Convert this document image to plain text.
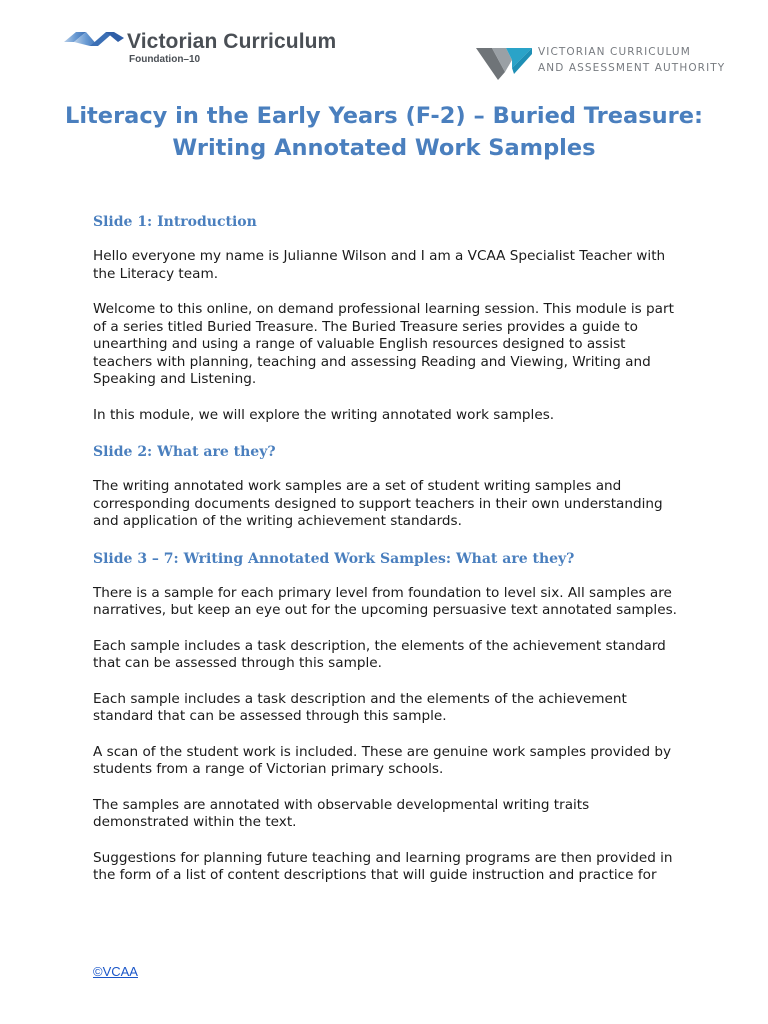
Victorian Curriculum
Foundation–10
VICTORIAN CURRICULUM
AND ASSESSMENT AUTHORITY
Literacy in the Early Years (F-2) – Buried Treasure: Writing Annotated Work Samples
Slide 1: Introduction

Hello everyone my name is Julianne Wilson and I am a VCAA Specialist Teacher with the Literacy team.

Welcome to this online, on demand professional learning session. This module is part of a series titled Buried Treasure. The Buried Treasure series provides a guide to unearthing and using a range of valuable English resources designed to assist teachers with planning, teaching and assessing Reading and Viewing, Writing and Speaking and Listening.

In this module, we will explore the writing annotated work samples.

Slide 2: What are they?

The writing annotated work samples are a set of student writing samples and corresponding documents designed to support teachers in their own understanding and application of the writing achievement standards.

Slide 3 – 7: Writing Annotated Work Samples: What are they?

There is a sample for each primary level from foundation to level six. All samples are narratives, but keep an eye out for the upcoming persuasive text annotated samples.

Each sample includes a task description, the elements of the achievement standard that can be assessed through this sample.

Each sample includes a task description and the elements of the achievement standard that can be assessed through this sample.

A scan of the student work is included. These are genuine work samples provided by students from a range of Victorian primary schools.

The samples are annotated with observable developmental writing traits demonstrated within the text.

Suggestions for planning future teaching and learning programs are then provided in the form of a list of content descriptions that will guide instruction and practice for

©VCAA
